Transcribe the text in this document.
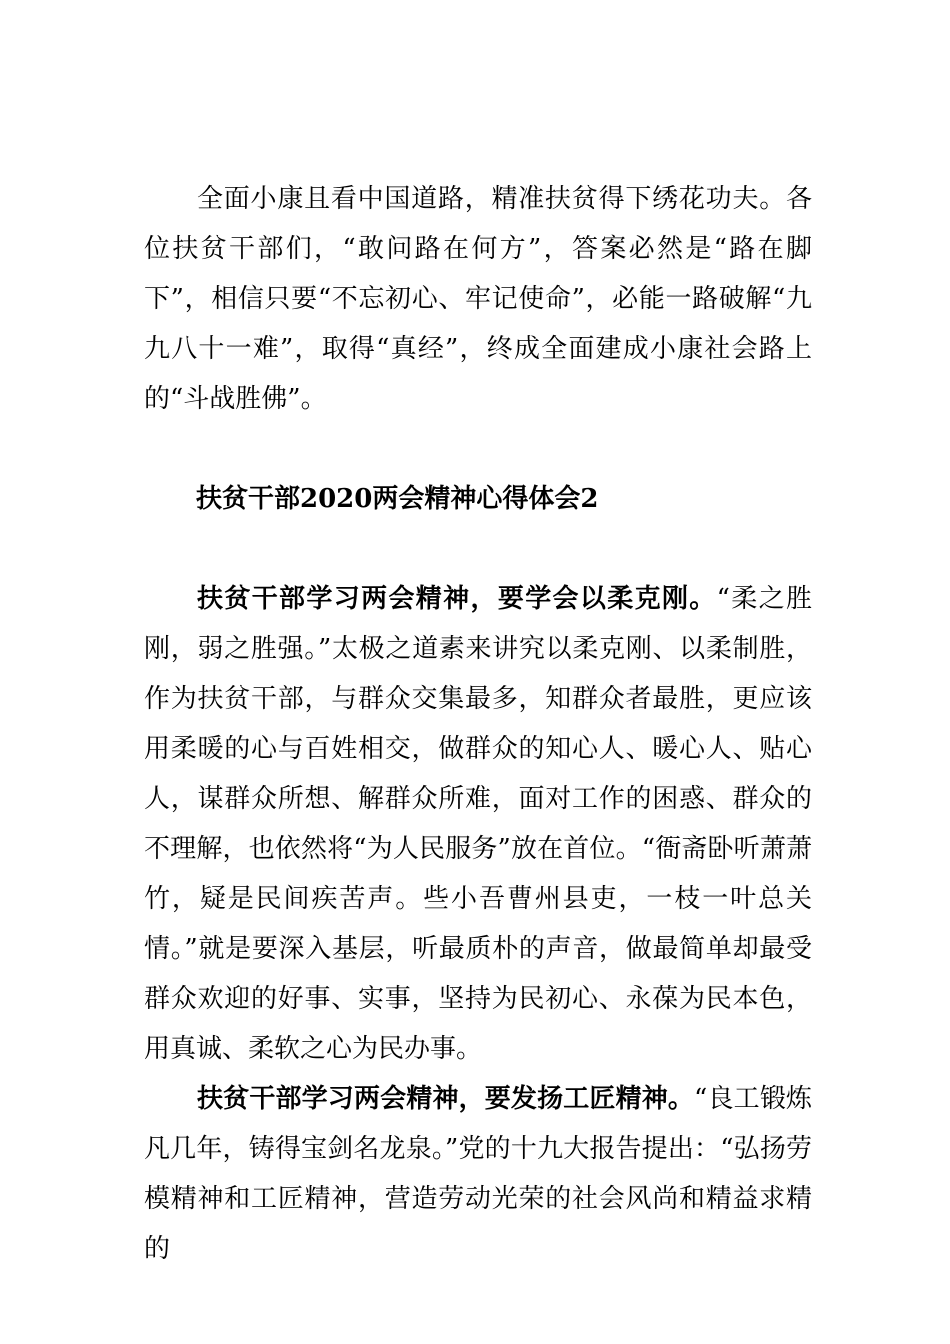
全面小康且看中国道路，精准扶贫得下绣花功夫。各位扶贫干部们，“敢问路在何方”，答案必然是“路在脚下”，相信只要“不忘初心、牢记使命”，必能一路破解“九九八十一难”，取得“真经”，终成全面建成小康社会路上的“斗战胜佛”。

扶贫干部2020两会精神心得体会2

扶贫干部学习两会精神，要学会以柔克刚。“柔之胜刚，弱之胜强。”太极之道素来讲究以柔克刚、以柔制胜，作为扶贫干部，与群众交集最多，知群众者最胜，更应该用柔暖的心与百姓相交，做群众的知心人、暖心人、贴心人，谋群众所想、解群众所难，面对工作的困惑、群众的不理解，也依然将“为人民服务”放在首位。“衙斋卧听萧萧竹，疑是民间疾苦声。些小吾曹州县吏，一枝一叶总关情。”就是要深入基层，听最质朴的声音，做最简单却最受群众欢迎的好事、实事，坚持为民初心、永葆为民本色，用真诚、柔软之心为民办事。

扶贫干部学习两会精神，要发扬工匠精神。“良工锻炼凡几年，铸得宝剑名龙泉。”党的十九大报告提出：“弘扬劳模精神和工匠精神，营造劳动光荣的社会风尚和精益求精的
